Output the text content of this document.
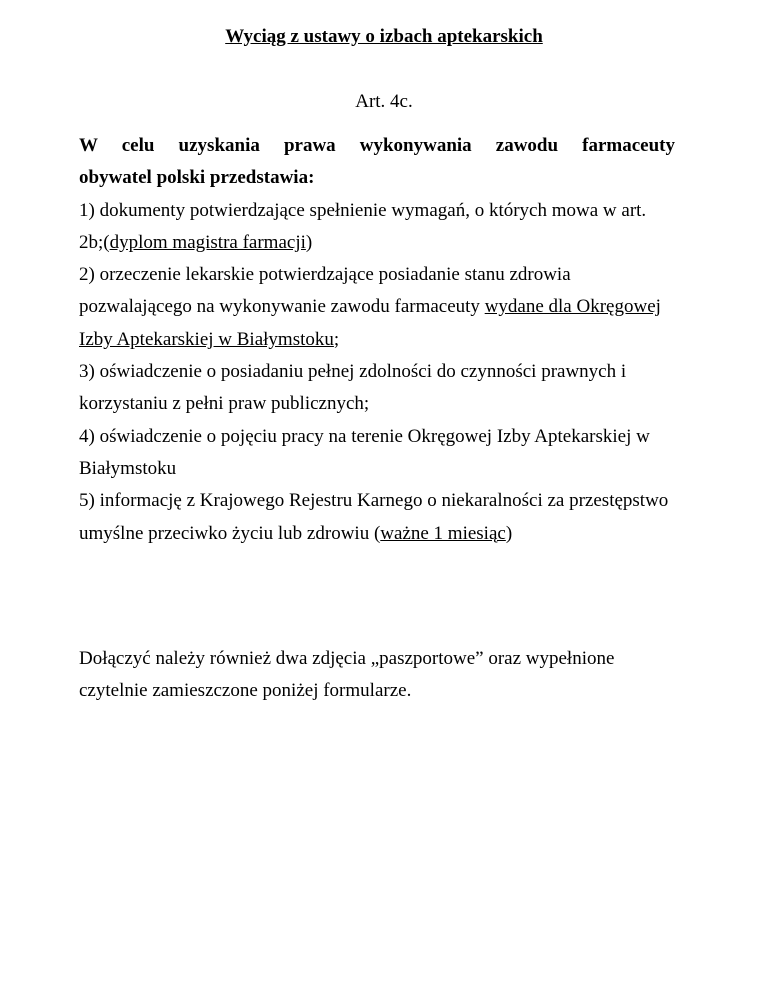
Wyciąg z ustawy o izbach aptekarskich

Art. 4c.

W celu uzyskania prawa wykonywania zawodu farmaceuty
obywatel polski przedstawia:

1) dokumenty potwierdzające spełnienie wymagań, o których mowa w art. 2b;(dyplom magistra farmacji)

2) orzeczenie lekarskie potwierdzające posiadanie stanu zdrowia pozwalającego na wykonywanie zawodu farmaceuty wydane dla Okręgowej Izby Aptekarskiej w Białymstoku;

3) oświadczenie o posiadaniu pełnej zdolności do czynności prawnych i korzystaniu z pełni praw publicznych;

4) oświadczenie o pojęciu pracy na terenie Okręgowej Izby Aptekarskiej w Białymstoku

5) informację z Krajowego Rejestru Karnego o niekaralności za przestępstwo umyślne przeciwko życiu lub zdrowiu (ważne 1 miesiąc)

Dołączyć należy również dwa zdjęcia „paszportowe” oraz wypełnione czytelnie zamieszczone poniżej formularze.
